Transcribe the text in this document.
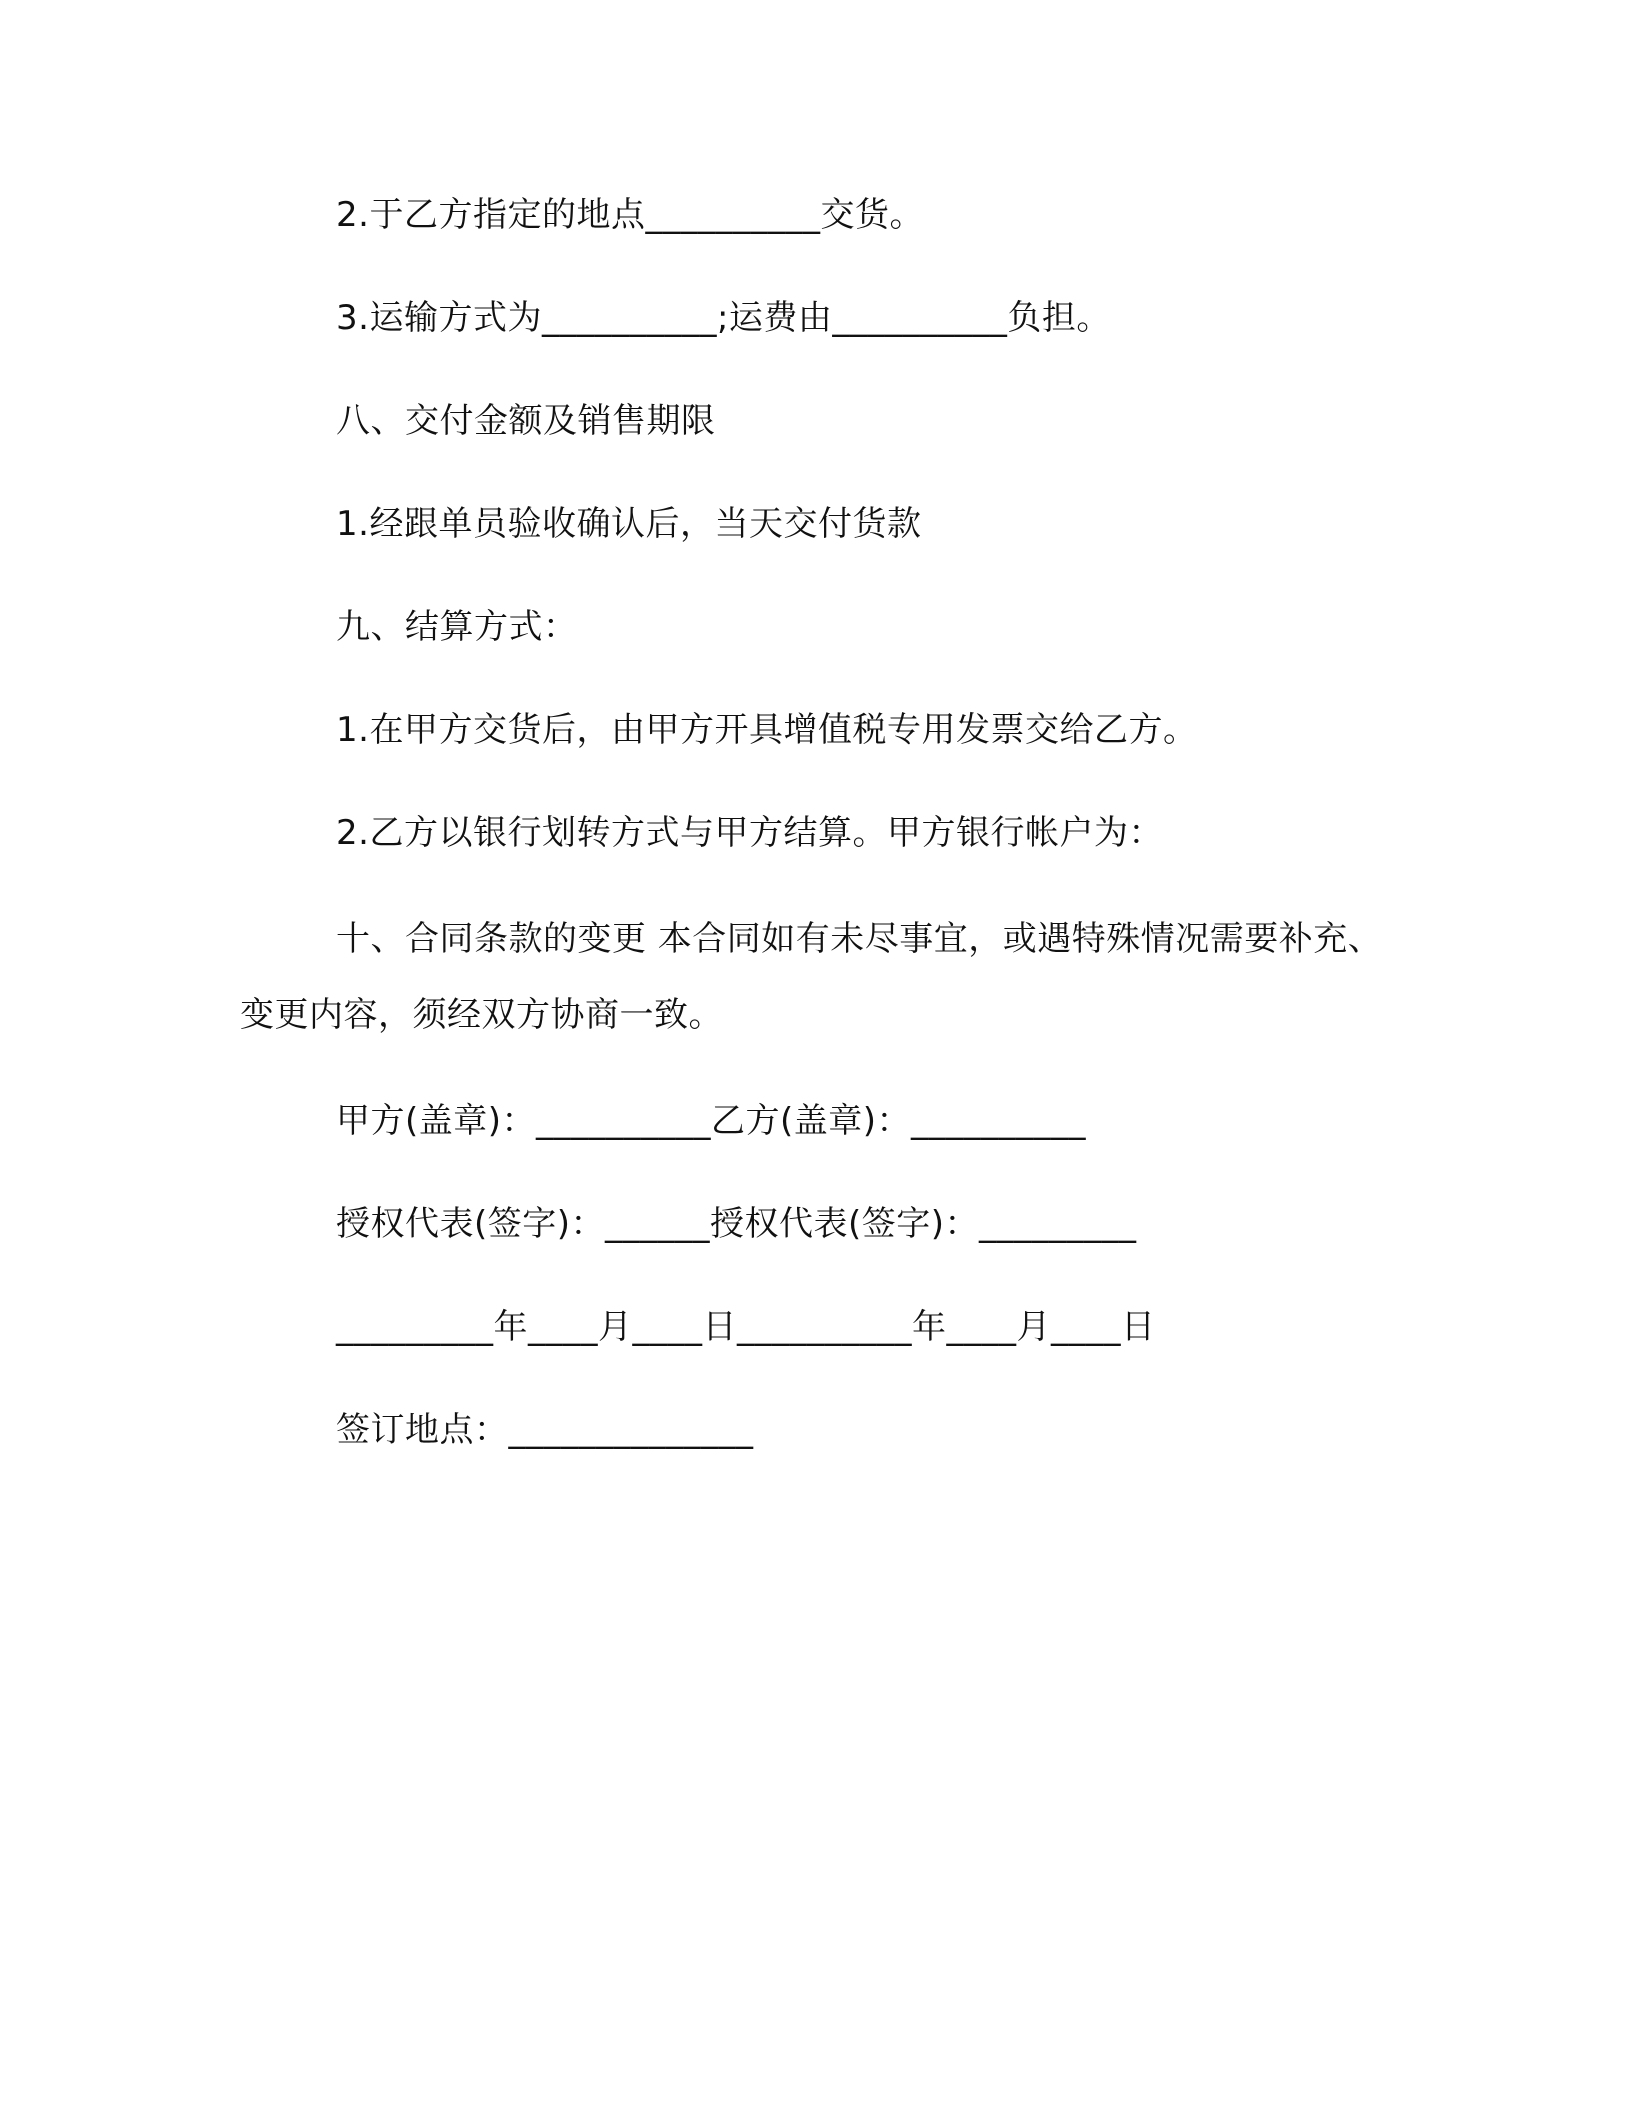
2.于乙方指定的地点__________交货。

3.运输方式为__________;运费由__________负担。

八、交付金额及销售期限

1.经跟单员验收确认后，当天交付货款

九、结算方式：

1.在甲方交货后，由甲方开具增值税专用发票交给乙方。

2.乙方以银行划转方式与甲方结算。甲方银行帐户为：

十、合同条款的变更 本合同如有未尽事宜，或遇特殊情况需要补充、变更内容，须经双方协商一致。

甲方(盖章)：__________乙方(盖章)：__________

授权代表(签字)：______授权代表(签字)：_________

_________年____月____日__________年____月____日

签订地点：______________
